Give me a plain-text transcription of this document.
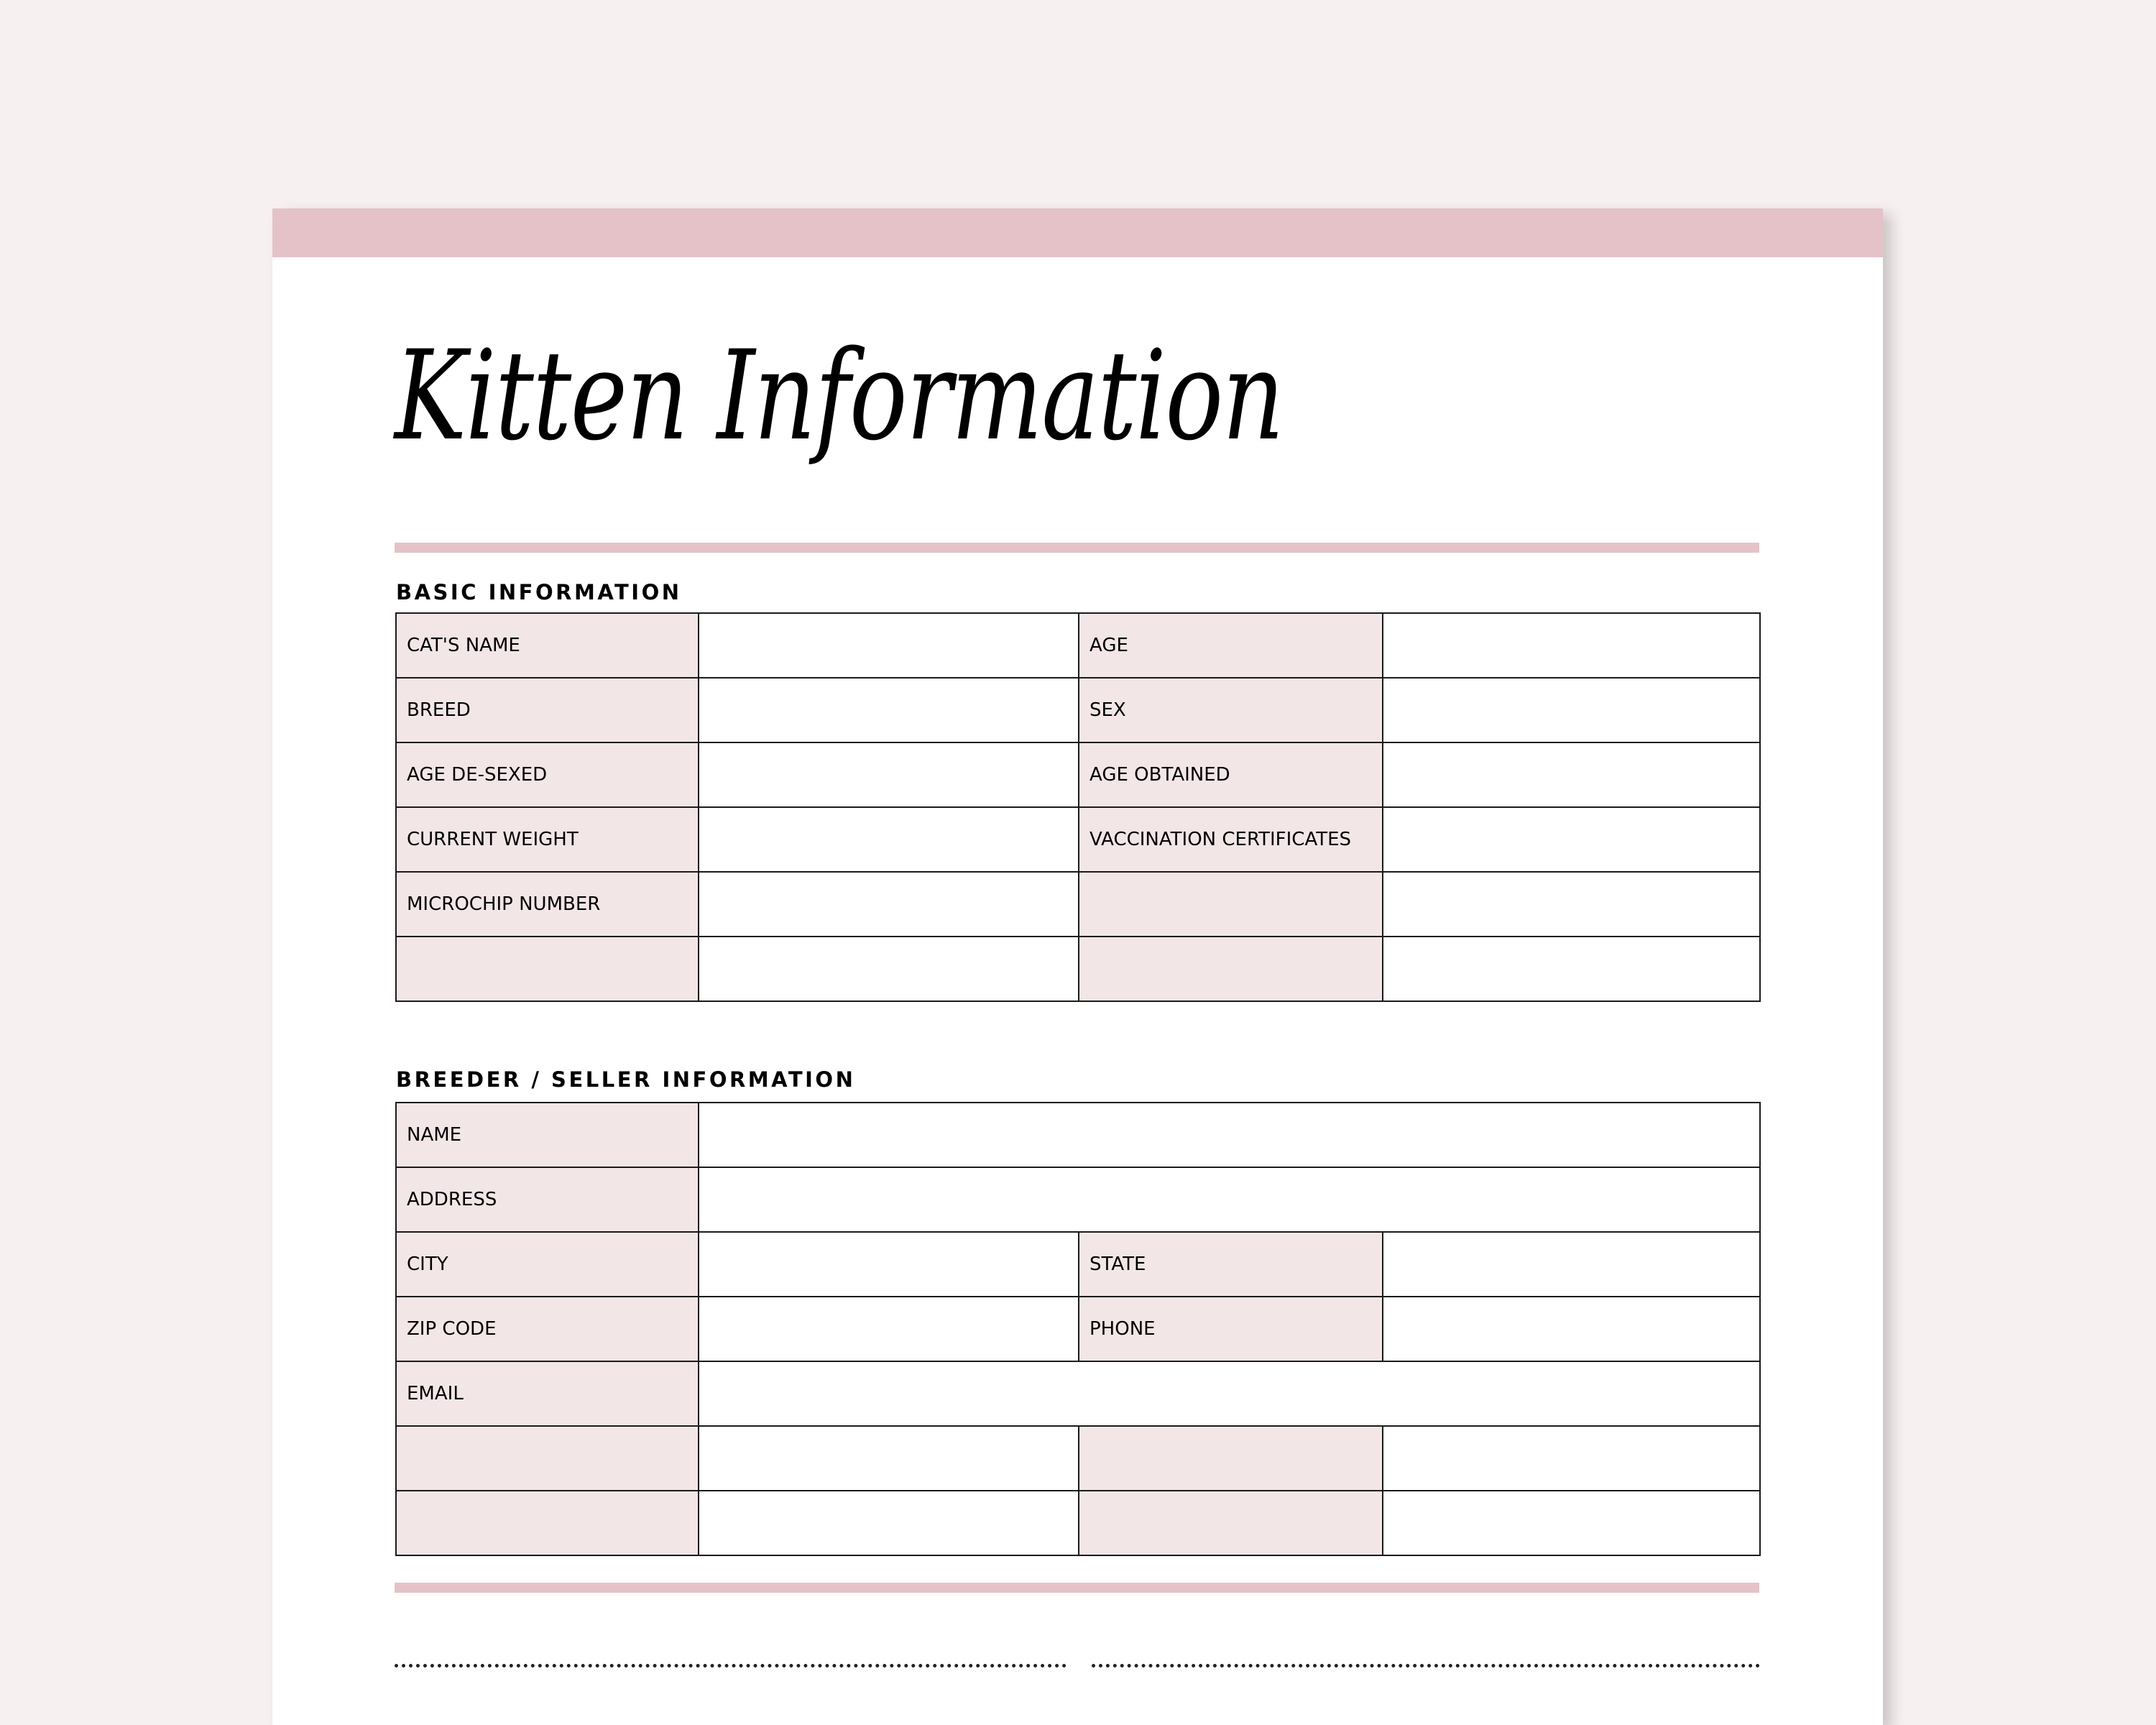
Kitten Information
BASIC INFORMATION
CAT'S NAME		AGE	
BREED		SEX	
AGE DE-SEXED		AGE OBTAINED	
CURRENT WEIGHT		VACCINATION CERTIFICATES	
MICROCHIP NUMBER			

BREEDER / SELLER INFORMATION
NAME			
ADDRESS			
CITY		STATE	
ZIP CODE		PHONE	
EMAIL			
